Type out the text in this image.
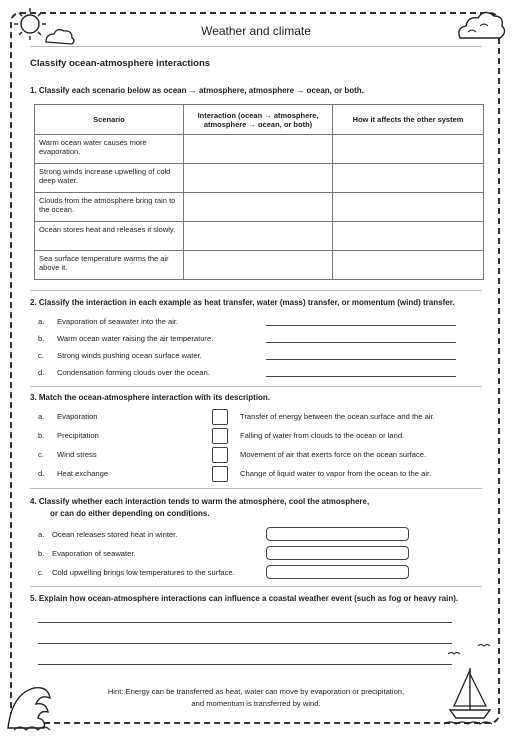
Weather and climate
Classify ocean-atmosphere interactions
1. Classify each scenario below as ocean → atmosphere, atmosphere → ocean, or both.
Scenario	Interaction (ocean → atmosphere, atmosphere → ocean, or both)	How it affects the other system
Warm ocean water causes more evaporation.		
Strong winds increase upwelling of cold deep water.		
Clouds from the atmosphere bring rain to the ocean.		
Ocean stores heat and releases it slowly.		
Sea surface temperature warms the air above it.		
2. Classify the interaction in each example as heat transfer, water (mass) transfer, or momentum (wind) transfer.
a. Evaporation of seawater into the air.
b. Warm ocean water raising the air temperature.
c. Strong winds pushing ocean surface water.
d. Condensation forming clouds over the ocean.
3. Match the ocean-atmosphere interaction with its description.
a. Evaporation	Transfer of energy between the ocean surface and the air.
b. Precipitation	Falling of water from clouds to the ocean or land.
c. Wind stress	Movement of air that exerts force on the ocean surface.
d. Heat exchange	Change of liquid water to vapor from the ocean to the air.
4. Classify whether each interaction tends to warm the atmosphere, cool the atmosphere,
or can do either depending on conditions.
a. Ocean releases stored heat in winter.
b. Evaporation of seawater.
c. Cold upwelling brings low temperatures to the surface.
5. Explain how ocean-atmosphere interactions can influence a coastal weather event (such as fog or heavy rain).
Hint: Energy can be transferred as heat, water can move by evaporation or precipitation,
and momentum is transferred by wind.
